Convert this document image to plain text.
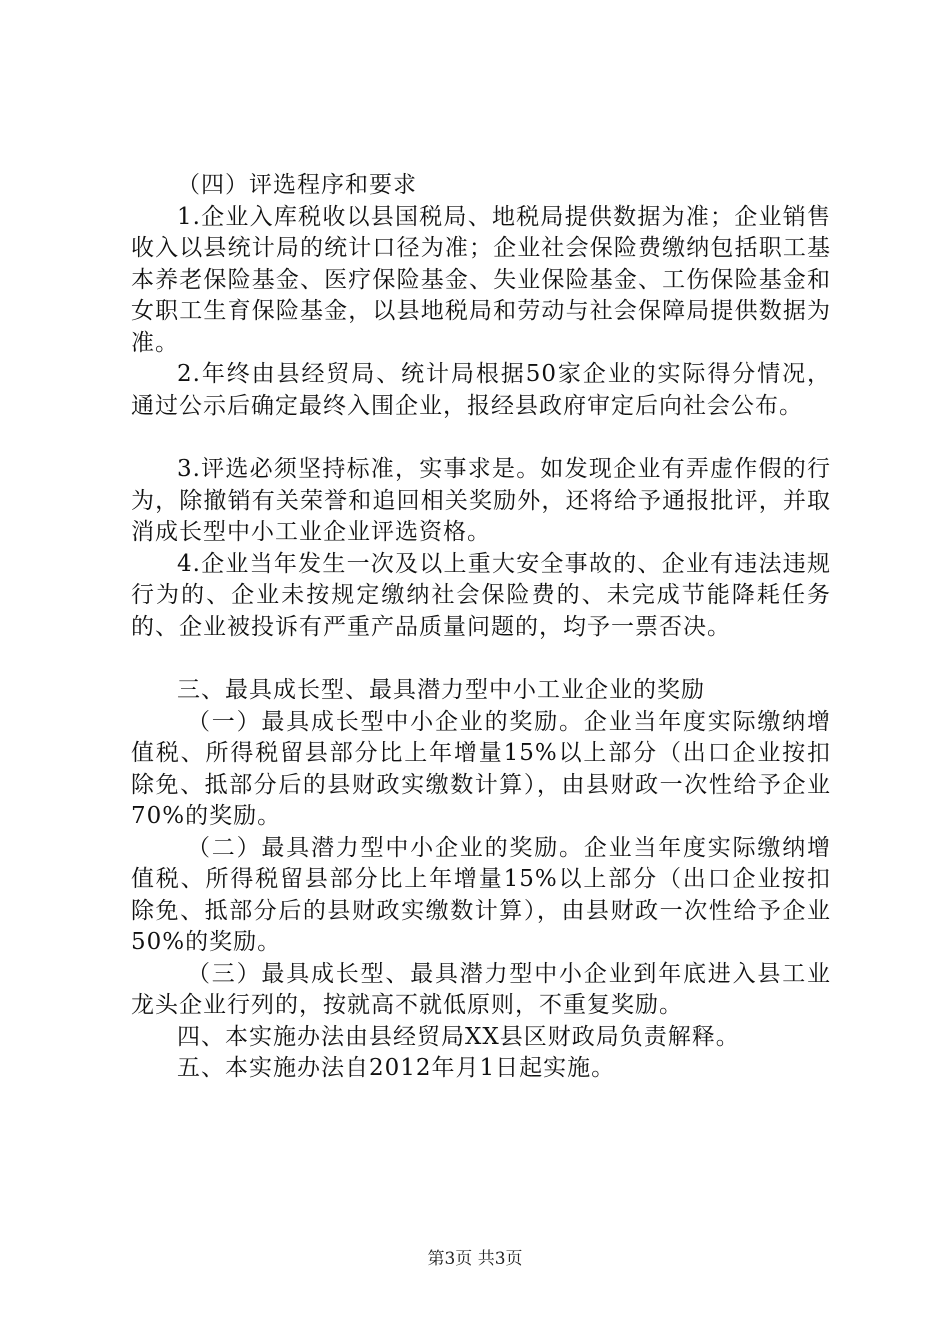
（四）评选程序和要求

1.企业入库税收以县国税局、地税局提供数据为准；企业销售收入以县统计局的统计口径为准；企业社会保险费缴纳包括职工基本养老保险基金、医疗保险基金、失业保险基金、工伤保险基金和女职工生育保险基金，以县地税局和劳动与社会保障局提供数据为准。

2.年终由县经贸局、统计局根据50家企业的实际得分情况，通过公示后确定最终入围企业，报经县政府审定后向社会公布。

3.评选必须坚持标准，实事求是。如发现企业有弄虚作假的行为，除撤销有关荣誉和追回相关奖励外，还将给予通报批评，并取消成长型中小工业企业评选资格。

4.企业当年发生一次及以上重大安全事故的、企业有违法违规行为的、企业未按规定缴纳社会保险费的、未完成节能降耗任务的、企业被投诉有严重产品质量问题的，均予一票否决。

三、最具成长型、最具潜力型中小工业企业的奖励

（一）最具成长型中小企业的奖励。企业当年度实际缴纳增值税、所得税留县部分比上年增量15%以上部分（出口企业按扣除免、抵部分后的县财政实缴数计算），由县财政一次性给予企业70%的奖励。

（二）最具潜力型中小企业的奖励。企业当年度实际缴纳增值税、所得税留县部分比上年增量15%以上部分（出口企业按扣除免、抵部分后的县财政实缴数计算），由县财政一次性给予企业50%的奖励。

（三）最具成长型、最具潜力型中小企业到年底进入县工业龙头企业行列的，按就高不就低原则，不重复奖励。

四、本实施办法由县经贸局XX县区财政局负责解释。

五、本实施办法自2012年月1日起实施。

第3页 共3页
